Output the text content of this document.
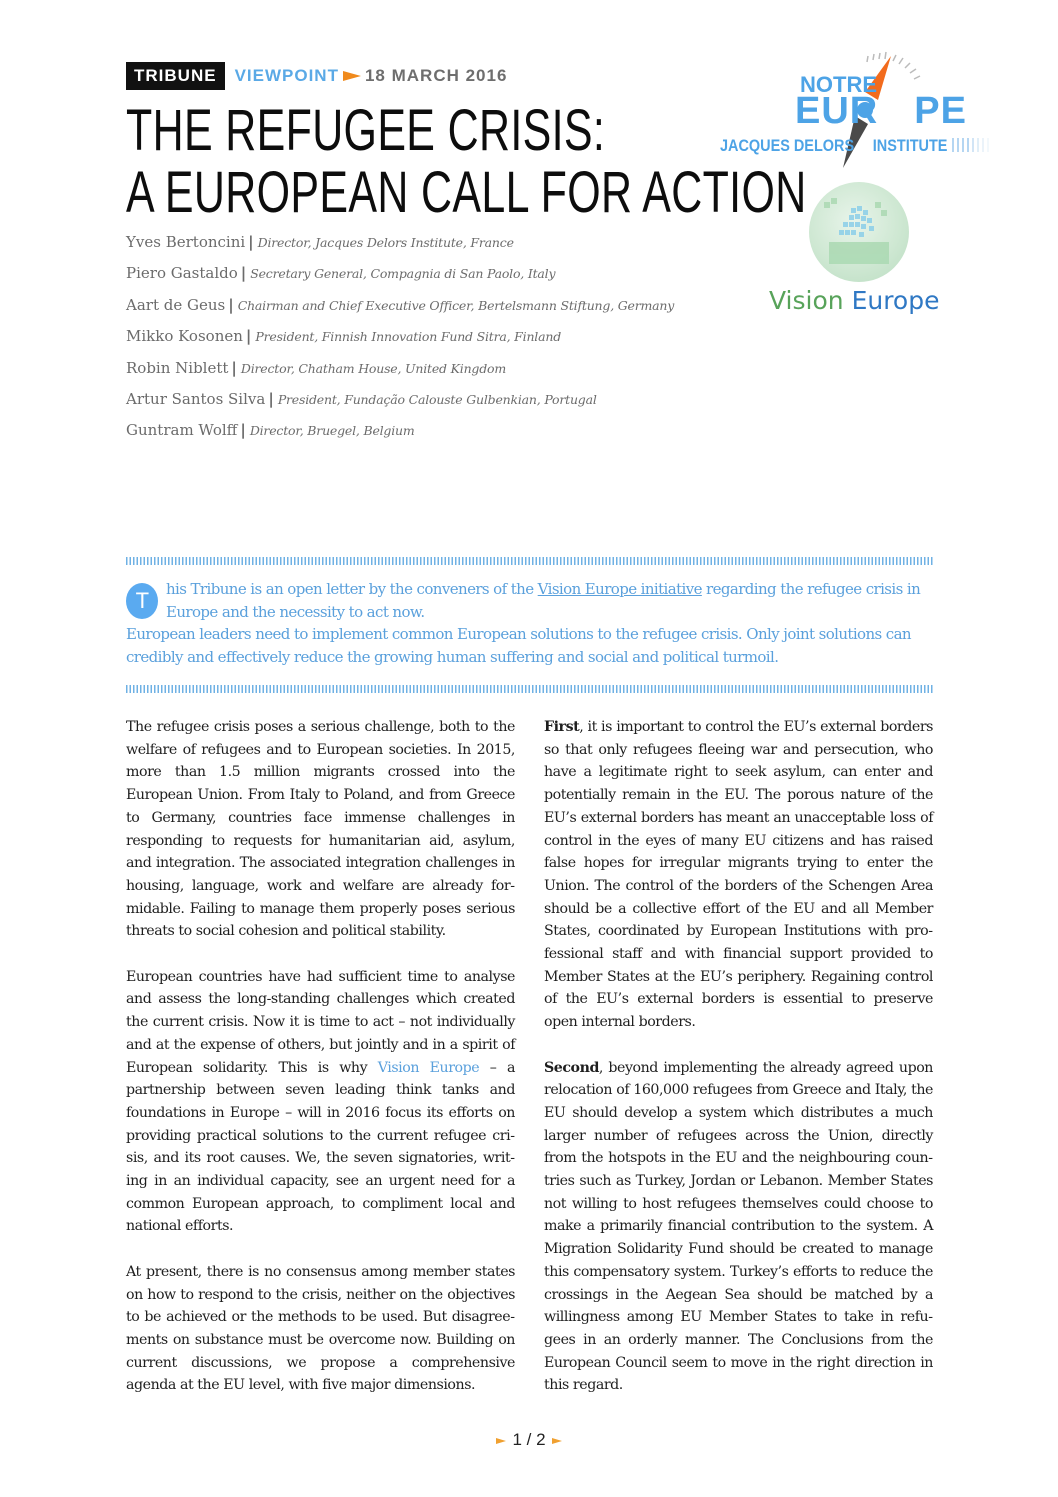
TRIBUNE	VIEWPOINT 18 MARCH 2016
THE REFUGEE CRISIS:
A EUROPEAN CALL FOR ACTION
Yves Bertoncini | Director, Jacques Delors Institute, France
Piero Gastaldo | Secretary General, Compagnia di San Paolo, Italy
Aart de Geus | Chairman and Chief Executive Officer, Bertelsmann Stiftung, Germany
Mikko Kosonen | President, Finnish Innovation Fund Sitra, Finland
Robin Niblett | Director, Chatham House, United Kingdom
Artur Santos Silva | President, Fundação Calouste Gulbenkian, Portugal
Guntram Wolff | Director, Bruegel, Belgium
NOTRE
EUR PE
JACQUES DELORS INSTITUTE
Vision Europe
T	his Tribune is an open letter by the conveners of the Vision Europe initiative regarding the refugee crisis in Europe and the necessity to act now.
European leaders need to implement common European solutions to the refugee crisis. Only joint solutions can credibly and effectively reduce the growing human suffering and social and political turmoil.

The refugee crisis poses a serious challenge, both to the welfare of refugees and to European societies. In 2015, more than 1.5 million migrants crossed into the European Union. From Italy to Poland, and from Greece to Germany, countries face immense challenges in responding to requests for humanitarian aid, asylum, and integration. The associated integration challenges in housing, language, work and welfare are already formidable. Failing to manage them properly poses serious threats to social cohesion and political stability.

European countries have had sufficient time to analyse and assess the long-standing challenges which created the current crisis. Now it is time to act – not individually and at the expense of others, but jointly and in a spirit of European solidarity. This is why Vision Europe – a partnership between seven leading think tanks and foundations in Europe – will in 2016 focus its efforts on providing practical solutions to the current refugee crisis, and its root causes. We, the seven signatories, writing in an individual capacity, see an urgent need for a common European approach, to compliment local and national efforts.

At present, there is no consensus among member states on how to respond to the crisis, neither on the objectives to be achieved or the methods to be used. But disagreements on substance must be overcome now. Building on current discussions, we propose a comprehensive agenda at the EU level, with five major dimensions.

First, it is important to control the EU’s external borders so that only refugees fleeing war and persecution, who have a legitimate right to seek asylum, can enter and potentially remain in the EU. The porous nature of the EU’s external borders has meant an unacceptable loss of control in the eyes of many EU citizens and has raised false hopes for irregular migrants trying to enter the Union. The control of the borders of the Schengen Area should be a collective effort of the EU and all Member States, coordinated by European Institutions with professional staff and with financial support provided to Member States at the EU’s periphery. Regaining control of the EU’s external borders is essential to preserve open internal borders.

Second, beyond implementing the already agreed upon relocation of 160,000 refugees from Greece and Italy, the EU should develop a system which distributes a much larger number of refugees across the Union, directly from the hotspots in the EU and the neighbouring countries such as Turkey, Jordan or Lebanon. Member States not willing to host refugees themselves could choose to make a primarily financial contribution to the system. A Migration Solidarity Fund should be created to manage this compensatory system. Turkey’s efforts to reduce the crossings in the Aegean Sea should be matched by a willingness among EU Member States to take in refugees in an orderly manner. The Conclusions from the European Council seem to move in the right direction in this regard.

1 / 2
